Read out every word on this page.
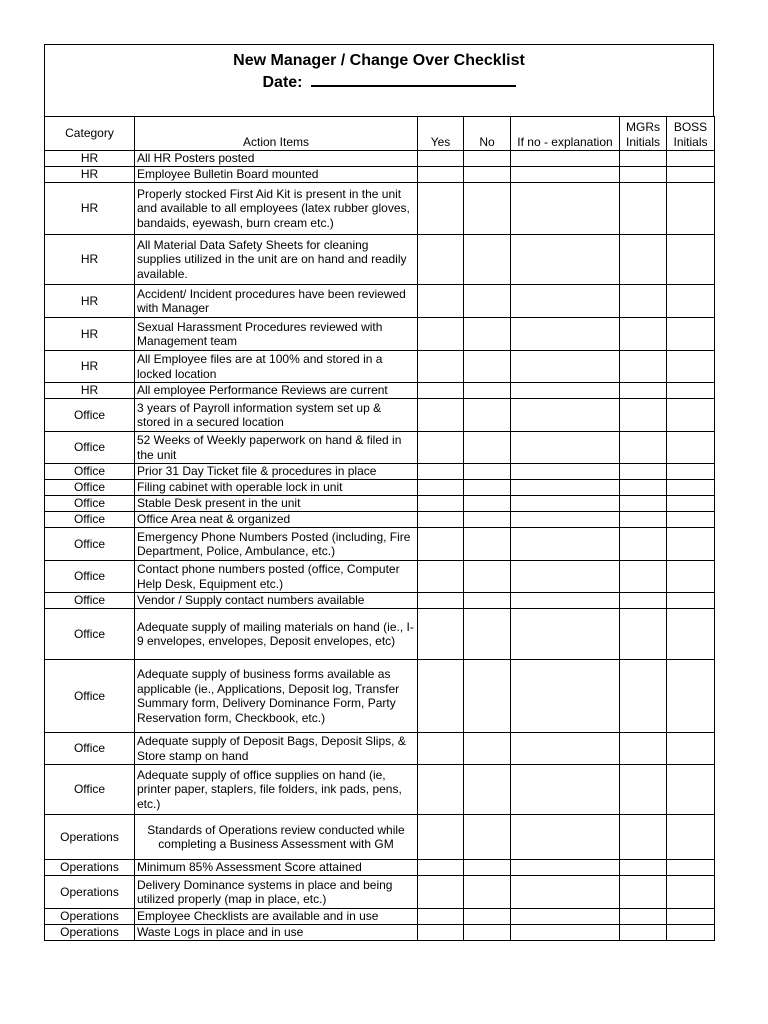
New Manager / Change Over Checklist
Date:
Category	Action Items	Yes	No	If no - explanation	MGRs Initials	BOSS Initials
HR	All HR Posters posted					
HR	Employee Bulletin Board mounted					
HR	Properly stocked First Aid Kit is present in the unit and available to all employees (latex rubber gloves, bandaids, eyewash, burn cream etc.)					
HR	All Material Data Safety Sheets for cleaning supplies utilized in the unit are on hand and readily available.					
HR	Accident/ Incident procedures have been reviewed with Manager					
HR	Sexual Harassment Procedures reviewed with Management team					
HR	All Employee files are at 100% and stored in a locked location					
HR	All employee Performance Reviews are current					
Office	3 years of Payroll information system set up & stored in a secured location					
Office	52 Weeks of Weekly paperwork on hand & filed in the unit					
Office	Prior 31 Day Ticket file & procedures in place					
Office	Filing cabinet with operable lock in unit					
Office	Stable Desk present in the unit					
Office	Office Area neat & organized					
Office	Emergency Phone Numbers Posted (including, Fire Department, Police, Ambulance, etc.)					
Office	Contact phone numbers posted (office, Computer Help Desk, Equipment etc.)					
Office	Vendor / Supply contact numbers available					
Office	Adequate supply of mailing materials on hand (ie., I-9 envelopes, envelopes, Deposit envelopes, etc)					
Office	Adequate supply of business forms available as applicable (ie., Applications, Deposit log, Transfer Summary form, Delivery Dominance Form, Party Reservation form, Checkbook, etc.)					
Office	Adequate supply of Deposit Bags, Deposit Slips, & Store stamp on hand					
Office	Adequate supply of office supplies on hand (ie, printer paper, staplers, file folders, ink pads, pens, etc.)					
Operations	Standards of Operations review conducted while completing a Business Assessment with GM					
Operations	Minimum 85% Assessment Score attained					
Operations	Delivery Dominance systems in place and being utilized properly (map in place, etc.)					
Operations	Employee Checklists are available and in use					
Operations	Waste Logs in place and in use					
